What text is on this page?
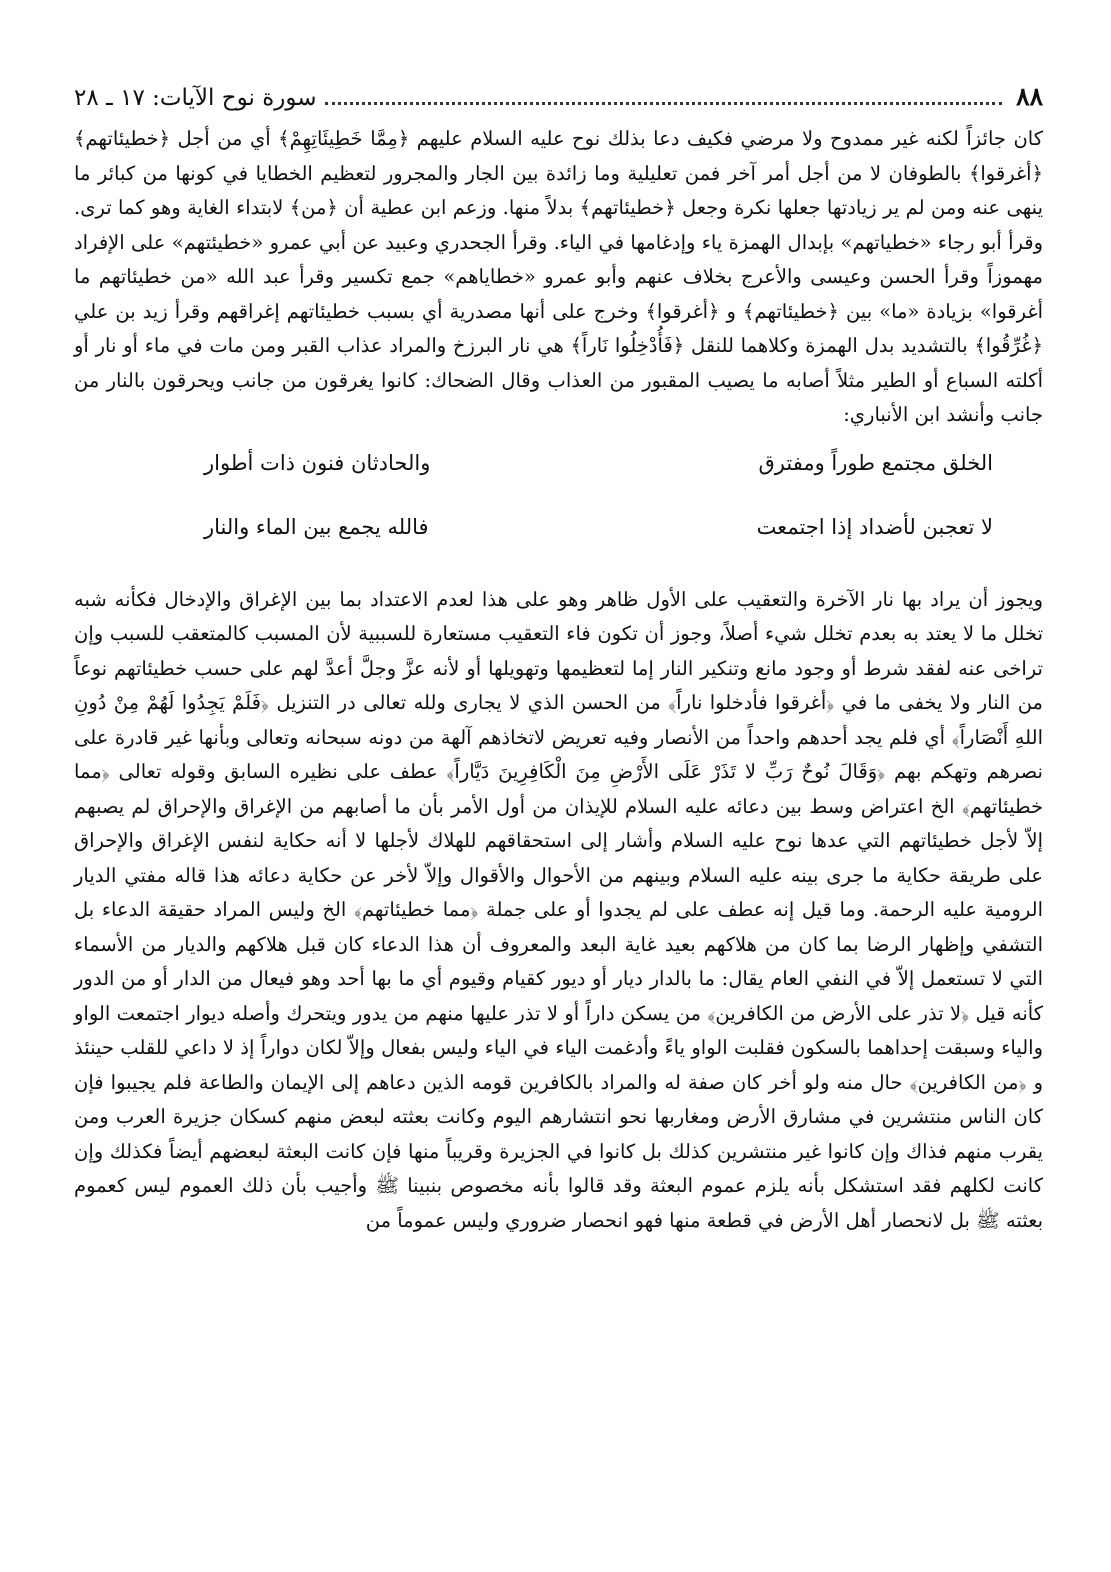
٨٨
سورة نوح الآيات: ١٧ ـ ٢٨

كان جائزاً لكنه غير ممدوح ولا مرضي فكيف دعا بذلك نوح عليه السلام عليهم ﴿مِمَّا خَطِيئَاتِهِمْ﴾ أي من أجل ﴿خطيئاتهم﴾ ﴿أغرقوا﴾ بالطوفان لا من أجل أمر آخر فمن تعليلية وما زائدة بين الجار والمجرور لتعظيم الخطايا في كونها من كبائر ما ينهى عنه ومن لم ير زيادتها جعلها نكرة وجعل ﴿خطيئاتهم﴾ بدلاً منها. وزعم ابن عطية أن ﴿من﴾ لابتداء الغاية وهو كما ترى. وقرأ أبو رجاء «خطياتهم» بإبدال الهمزة ياء وإدغامها في الياء. وقرأ الجحدري وعبيد عن أبي عمرو «خطيئتهم» على الإفراد مهموزاً وقرأ الحسن وعيسى والأعرج بخلاف عنهم وأبو عمرو «خطاياهم» جمع تكسير وقرأ عبد الله «من خطيئاتهم ما أغرقوا» بزيادة «ما» بين ﴿خطيئاتهم﴾ و ﴿أغرقوا﴾ وخرج على أنها مصدرية أي بسبب خطيئاتهم إغراقهم وقرأ زيد بن علي ﴿غُرِّقُوا﴾ بالتشديد بدل الهمزة وكلاهما للنقل ﴿فَأُدْخِلُوا نَاراً﴾ هي نار البرزخ والمراد عذاب القبر ومن مات في ماء أو نار أو أكلته السباع أو الطير مثلاً أصابه ما يصيب المقبور من العذاب وقال الضحاك: كانوا يغرقون من جانب ويحرقون بالنار من جانب وأنشد ابن الأنباري:

الخلق مجتمع طوراً ومفترق
والحادثان فنون ذات أطوار
لا تعجبن لأضداد إذا اجتمعت
فالله يجمع بين الماء والنار

ويجوز أن يراد بها نار الآخرة والتعقيب على الأول ظاهر وهو على هذا لعدم الاعتداد بما بين الإغراق والإدخال فكأنه شبه تخلل ما لا يعتد به بعدم تخلل شيء أصلاً، وجوز أن تكون فاء التعقيب مستعارة للسببية لأن المسبب كالمتعقب للسبب وإن تراخى عنه لفقد شرط أو وجود مانع وتنكير النار إما لتعظيمها وتهويلها أو لأنه عزَّ وجلَّ أعدَّ لهم على حسب خطيئاتهم نوعاً من النار ولا يخفى ما في ﴿أغرقوا فأدخلوا ناراً﴾ من الحسن الذي لا يجارى ولله تعالى در التنزيل ﴿فَلَمْ يَجِدُوا لَهُمْ مِنْ دُونِ اللهِ أَنْصَاراً﴾ أي فلم يجد أحدهم واحداً من الأنصار وفيه تعريض لاتخاذهم آلهة من دونه سبحانه وتعالى وبأنها غير قادرة على نصرهم وتهكم بهم ﴿وَقَالَ نُوحٌ رَبِّ لا تَذَرْ عَلَى الأَرْضِ مِنَ الْكَافِرِينَ دَيَّاراً﴾ عطف على نظيره السابق وقوله تعالى ﴿مما خطيئاتهم﴾ الخ اعتراض وسط بين دعائه عليه السلام للإيذان من أول الأمر بأن ما أصابهم من الإغراق والإحراق لم يصبهم إلاّ لأجل خطيئاتهم التي عدها نوح عليه السلام وأشار إلى استحقاقهم للهلاك لأجلها لا أنه حكاية لنفس الإغراق والإحراق على طريقة حكاية ما جرى بينه عليه السلام وبينهم من الأحوال والأقوال وإلاّ لأخر عن حكاية دعائه هذا قاله مفتي الديار الرومية عليه الرحمة. وما قيل إنه عطف على لم يجدوا أو على جملة ﴿مما خطيئاتهم﴾ الخ وليس المراد حقيقة الدعاء بل التشفي وإظهار الرضا بما كان من هلاكهم بعيد غاية البعد والمعروف أن هذا الدعاء كان قبل هلاكهم والديار من الأسماء التي لا تستعمل إلاّ في النفي العام يقال: ما بالدار ديار أو ديور كقيام وقيوم أي ما بها أحد وهو فيعال من الدار أو من الدور كأنه قيل ﴿لا تذر على الأرض من الكافرين﴾ من يسكن داراً أو لا تذر عليها منهم من يدور ويتحرك وأصله ديوار اجتمعت الواو والياء وسبقت إحداهما بالسكون فقلبت الواو ياءً وأدغمت الياء في الياء وليس بفعال وإلاّ لكان دواراً إذ لا داعي للقلب حينئذ و ﴿من الكافرين﴾ حال منه ولو أخر كان صفة له والمراد بالكافرين قومه الذين دعاهم إلى الإيمان والطاعة فلم يجيبوا فإن كان الناس منتشرين في مشارق الأرض ومغاربها نحو انتشارهم اليوم وكانت بعثته لبعض منهم كسكان جزيرة العرب ومن يقرب منهم فذاك وإن كانوا غير منتشرين كذلك بل كانوا في الجزيرة وقريباً منها فإن كانت البعثة لبعضهم أيضاً فكذلك وإن كانت لكلهم فقد استشكل بأنه يلزم عموم البعثة وقد قالوا بأنه مخصوص بنبينا ﷺ وأجيب بأن ذلك العموم ليس كعموم بعثته ﷺ بل لانحصار أهل الأرض في قطعة منها فهو انحصار ضروري وليس عموماً من
